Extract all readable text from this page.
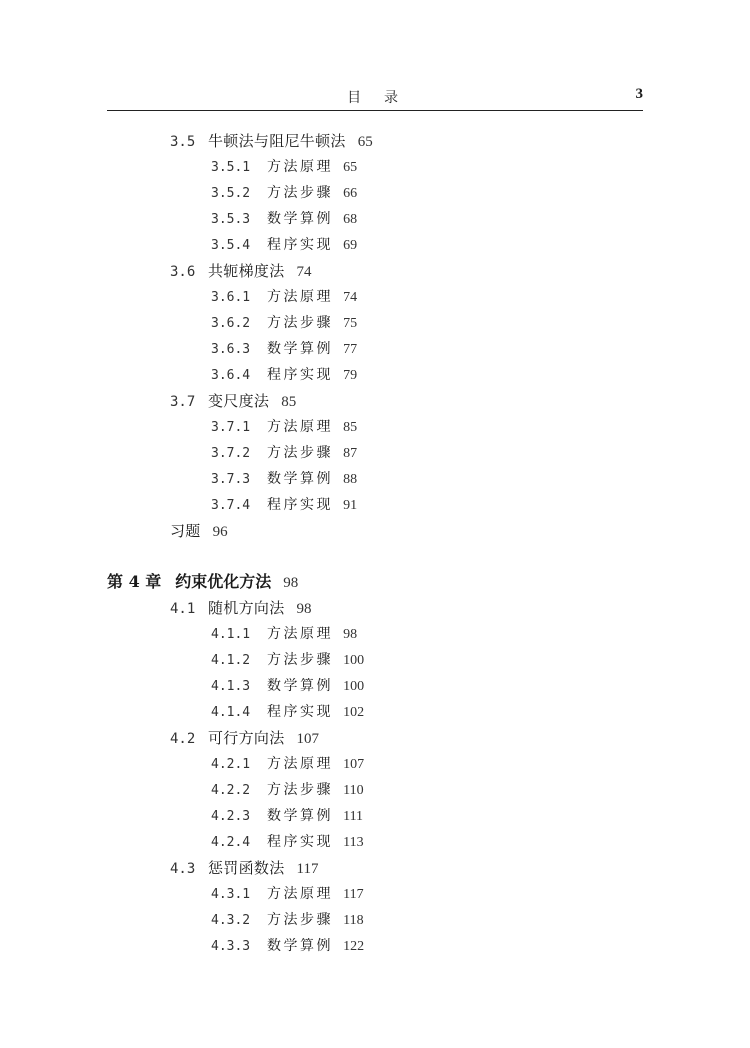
目 录	3
3.5 牛顿法与阻尼牛顿法 65
3.5.1 方法原理 65
3.5.2 方法步骤 66
3.5.3 数学算例 68
3.5.4 程序实现 69
3.6 共轭梯度法 74
3.6.1 方法原理 74
3.6.2 方法步骤 75
3.6.3 数学算例 77
3.6.4 程序实现 79
3.7 变尺度法 85
3.7.1 方法原理 85
3.7.2 方法步骤 87
3.7.3 数学算例 88
3.7.4 程序实现 91
习题 96
第 4 章 约束优化方法 98
4.1 随机方向法 98
4.1.1 方法原理 98
4.1.2 方法步骤 100
4.1.3 数学算例 100
4.1.4 程序实现 102
4.2 可行方向法 107
4.2.1 方法原理 107
4.2.2 方法步骤 110
4.2.3 数学算例 111
4.2.4 程序实现 113
4.3 惩罚函数法 117
4.3.1 方法原理 117
4.3.2 方法步骤 118
4.3.3 数学算例 122
